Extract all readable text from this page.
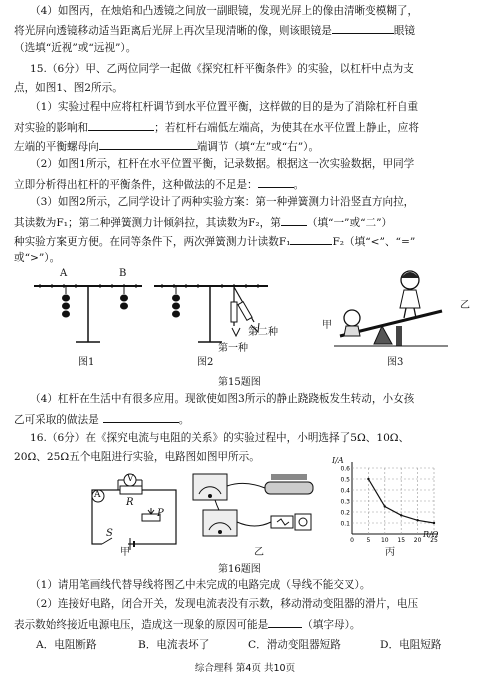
（4）如图丙，在烛焰和凸透镜之间放一副眼镜，发现光屏上的像由清晰变模糊了，
将光屏向透镜移动适当距离后光屏上再次呈现清晰的像，则该眼镜是	眼镜
（选填“近视”或“远视”）。
15.（6分）甲、乙两位同学一起做《探究杠杆平衡条件》的实验，以杠杆中点为支
点，如图1、图2所示。
（1）实验过程中应将杠杆调节到水平位置平衡，这样做的目的是为了消除杠杆自重
对实验的影响和	；若杠杆右端低左端高，为使其在水平位置上静止，应将
左端的平衡螺母向	端调节（填“左”或“右”）。
（2）如图1所示，杠杆在水平位置平衡，记录数据。根据这一次实验数据，甲同学
立即分析得出杠杆的平衡条件，这种做法的不足是：	。
（3）如图2所示，乙同学设计了两种实验方案：第一种弹簧测力计沿竖直方向拉，
其读数为F₁；第二种弹簧测力计倾斜拉，其读数为F₂，第 （填“一”或“二”）
种实验方案更方便。在同等条件下，两次弹簧测力计读数F₁	F₂（填“<”、“=”
或“>”）。
A	B
第二种
第一种
乙
甲
图1	图2	图3
第15题图
（4）杠杆在生活中有很多应用。现欲使如图3所示的静止跷跷板发生转动，小女孩
乙可采取的做法是	。
16.（6分）在《探究电流与电阻的关系》的实验过程中，小明选择了5Ω、10Ω、
20Ω、25Ω五个电阻进行实验，电路图如图甲所示。
A
V
R
S
P
甲	乙
0.1
0.2
0.3
0.4
0.5
0.6
0 5 10 15 20 25
I/A
R/Ω
丙
第16题图
（1）请用笔画线代替导线将图乙中未完成的电路完成（导线不能交叉）。
（2）连接好电路，闭合开关，发现电流表没有示数，移动滑动变阻器的滑片，电压
表示数始终接近电源电压，造成这一现象的原因可能是	（填字母）。
A．电阻断路	B．电流表坏了	C．滑动变阻器短路	D．电阻短路
综合理科 第4页 共10页
